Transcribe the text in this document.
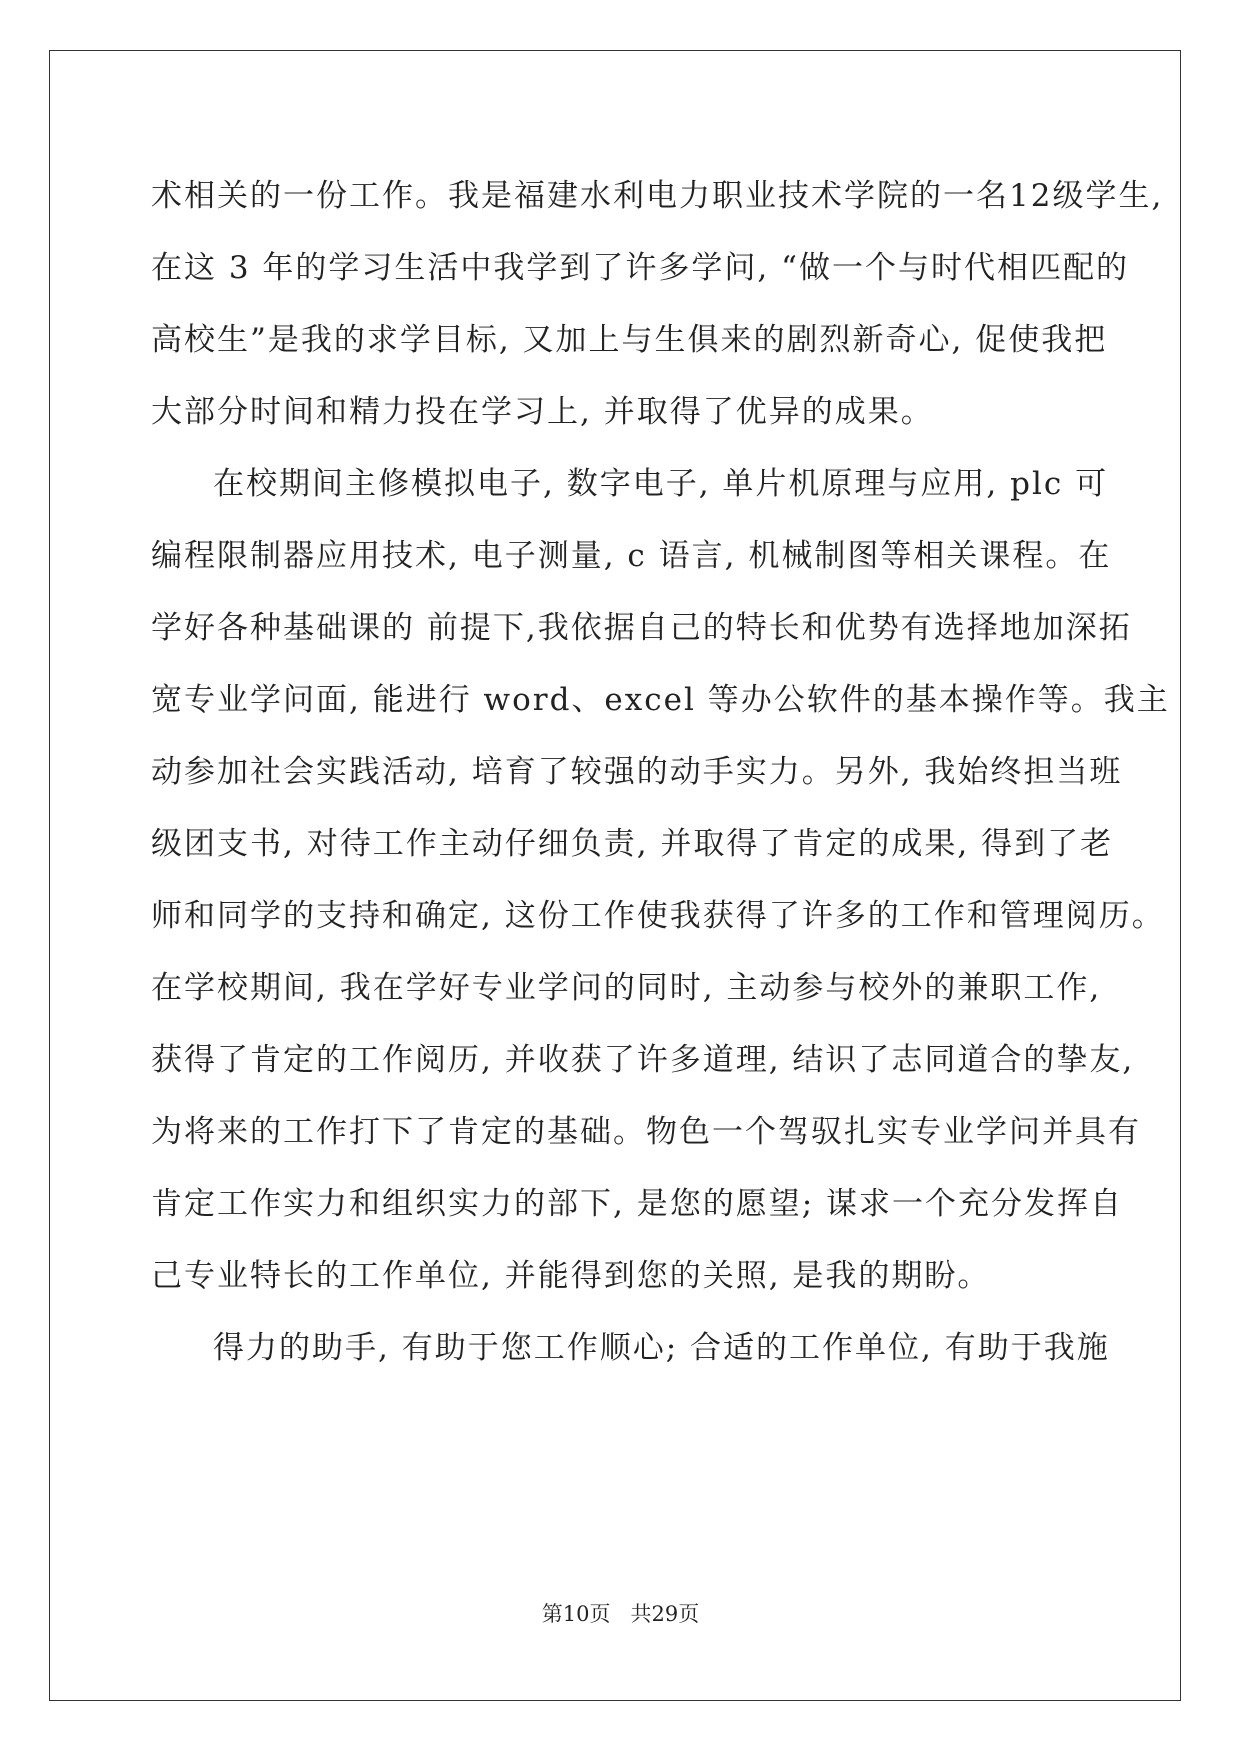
术相关的一份工作。我是福建水利电力职业技术学院的一名12级学生,
在这 3 年的学习生活中我学到了许多学问, “做一个与时代相匹配的
高校生”是我的求学目标, 又加上与生俱来的剧烈新奇心, 促使我把
大部分时间和精力投在学习上, 并取得了优异的成果。
在校期间主修模拟电子, 数字电子, 单片机原理与应用, plc 可
编程限制器应用技术, 电子测量, c 语言, 机械制图等相关课程。在
学好各种基础课的 前提下,我依据自己的特长和优势有选择地加深拓
宽专业学问面, 能进行 word、excel 等办公软件的基本操作等。我主
动参加社会实践活动, 培育了较强的动手实力。另外, 我始终担当班
级团支书, 对待工作主动仔细负责, 并取得了肯定的成果, 得到了老
师和同学的支持和确定, 这份工作使我获得了许多的工作和管理阅历。
在学校期间, 我在学好专业学问的同时, 主动参与校外的兼职工作,
获得了肯定的工作阅历, 并收获了许多道理, 结识了志同道合的挚友,
为将来的工作打下了肯定的基础。物色一个驾驭扎实专业学问并具有
肯定工作实力和组织实力的部下, 是您的愿望; 谋求一个充分发挥自
己专业特长的工作单位, 并能得到您的关照, 是我的期盼。
得力的助手, 有助于您工作顺心; 合适的工作单位, 有助于我施
第10页 共29页
